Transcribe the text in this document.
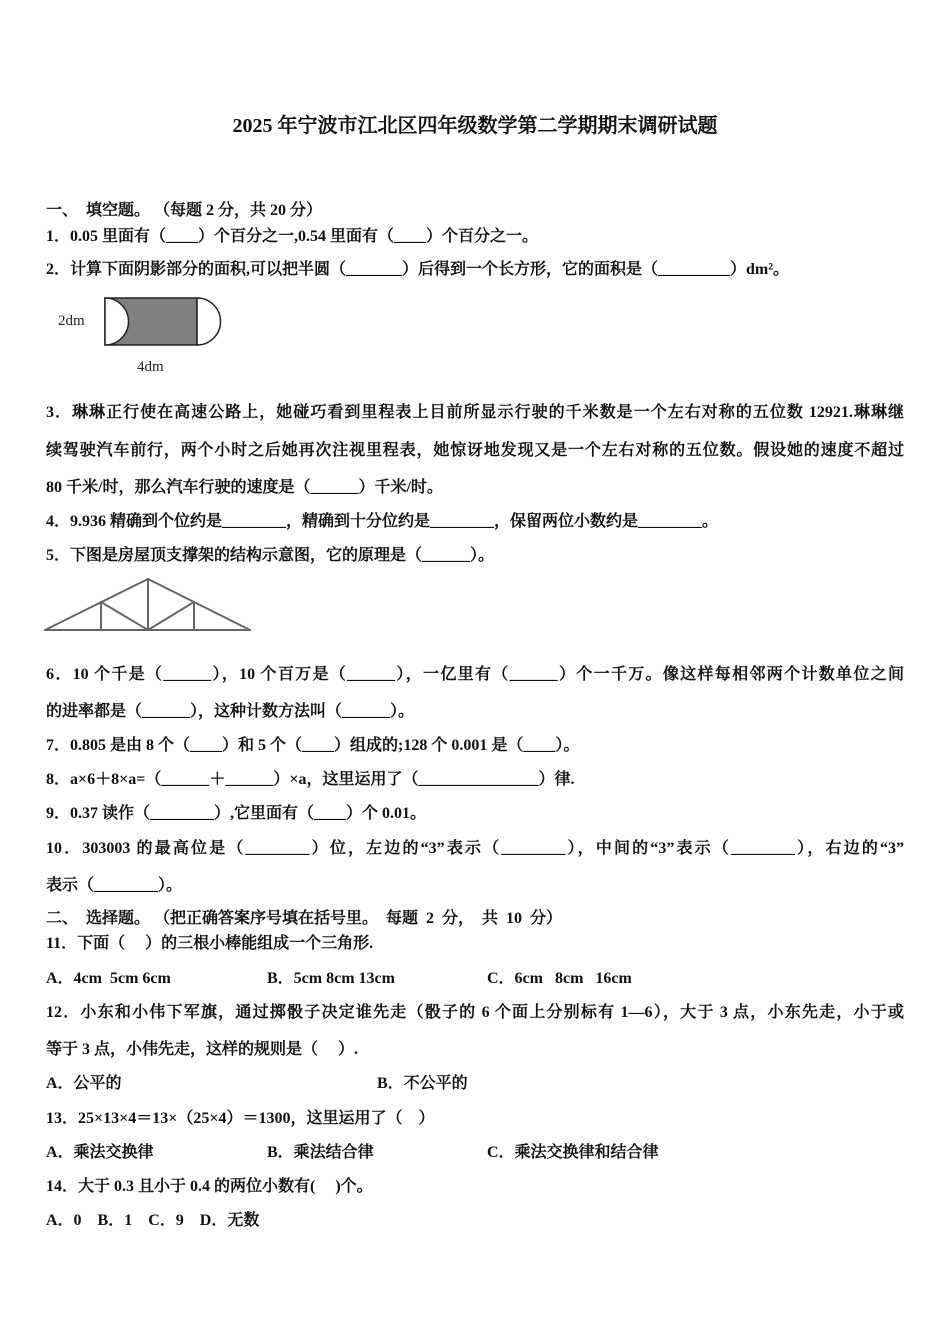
2025 年宁波市江北区四年级数学第二学期期末调研试题
一、  填空题。 （每题 2 分，共 20 分）
1．0.05 里面有（____）个百分之一,0.54 里面有（____）个百分之一。
2．计算下面阴影部分的面积,可以把半圆（_______）后得到一个长方形，它的面积是（_________）dm²。
2dm
4dm
3．琳琳正行使在高速公路上，她碰巧看到里程表上目前所显示行驶的千米数是一个左右对称的五位数 12921.琳琳继
续驾驶汽车前行，两个小时之后她再次注视里程表，她惊讶地发现又是一个左右对称的五位数。假设她的速度不超过
80 千米/时，那么汽车行驶的速度是（______）千米/时。
4．9.936 精确到个位约是________，精确到十分位约是________，保留两位小数约是________。
5．下图是房屋顶支撑架的结构示意图，它的原理是（______）。
6．10 个千是（______），10 个百万是（______），一亿里有（______）个一千万。像这样每相邻两个计数单位之间
的进率都是（______），这种计数方法叫（______）。
7．0.805 是由 8 个（____）和 5 个（____）组成的;128 个 0.001 是（____）。
8．a×6＋8×a=（______＋______）×a，这里运用了（_______________）律.
9．0.37 读作（________）,它里面有（____）个 0.01。
10．303003 的最高位是（________）位，左边的“3”表示（________），中间的“3”表示（________），右边的“3”
表示（________）。
二、  选择题。 （把正确答案序号填在括号里。  每题  2  分，  共  10  分）
11．下面（     ）的三根小棒能组成一个三角形.
A．4cm  5cm 6cm	B．5cm 8cm 13cm	C．6cm   8cm   16cm
12．小东和小伟下军旗，通过掷骰子决定谁先走（骰子的 6 个面上分别标有 1—6），大于 3 点，小东先走，小于或
等于 3 点，小伟先走，这样的规则是（     ）.
A．公平的	B．不公平的
13．25×13×4＝13×（25×4）＝1300，这里运用了（    ）
A．乘法交换律	B．乘法结合律	C．乘法交换律和结合律
14．大于 0.3 且小于 0.4 的两位小数有(     )个。
A．0    B．1    C．9    D．无数
